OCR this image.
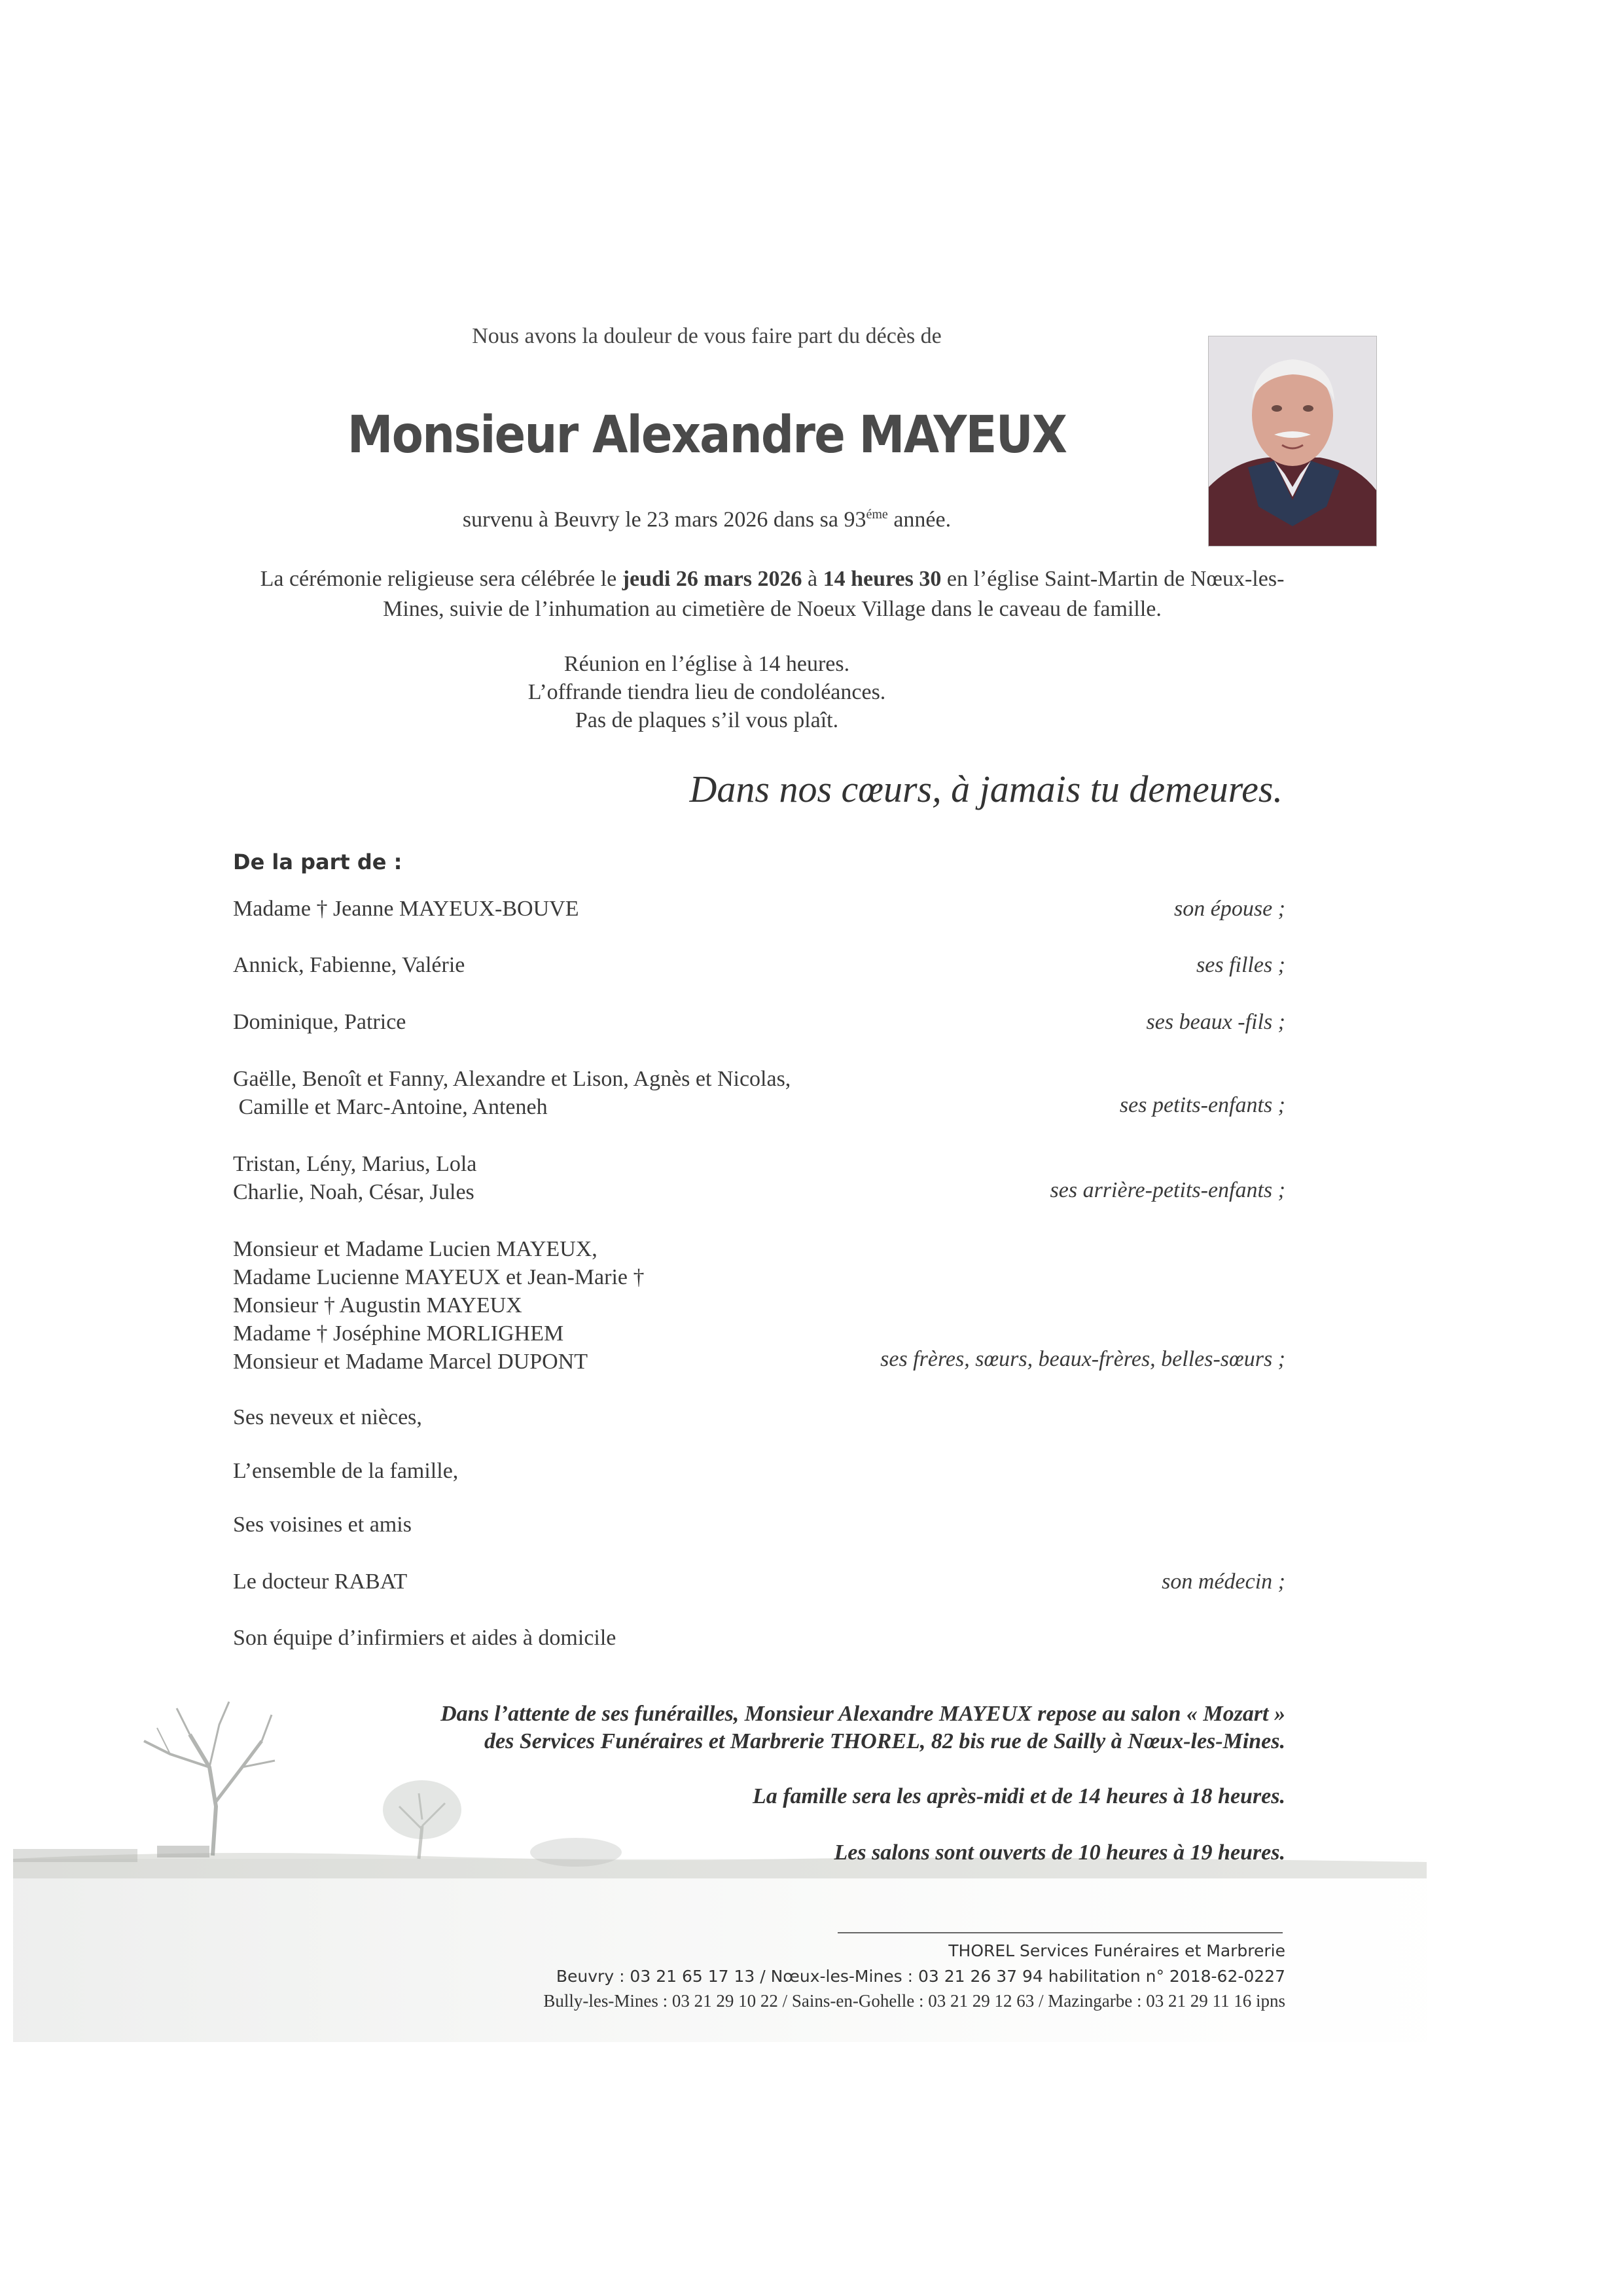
Nous avons la douleur de vous faire part du décès de
Monsieur Alexandre MAYEUX
survenu à Beuvry le 23 mars 2026 dans sa $93^{éme}$ année.
La cérémonie religieuse sera célébrée le jeudi 26 mars 2026 à 14 heures 30 en l’église Saint-Martin de Nœux-les-Mines, suivie de l’inhumation au cimetière de Noeux Village dans le caveau de famille.
Réunion en l’église à 14 heures.
L’offrande tiendra lieu de condoléances.
Pas de plaques s’il vous plaît.
Dans nos cœurs, à jamais tu demeures.
De la part de :
Madame † Jeanne MAYEUX-BOUVE	son épouse ;
Annick, Fabienne, Valérie	ses filles ;
Dominique, Patrice	ses beaux -fils ;
Gaëlle, Benoît et Fanny, Alexandre et Lison, Agnès et Nicolas,
Camille et Marc-Antoine, Anteneh	ses petits-enfants ;
Tristan, Lény, Marius, Lola
Charlie, Noah, César, Jules	ses arrière-petits-enfants ;
Monsieur et Madame Lucien MAYEUX,
Madame Lucienne MAYEUX et Jean-Marie †
Monsieur † Augustin MAYEUX
Madame † Joséphine MORLIGHEM
Monsieur et Madame Marcel DUPONT	ses frères, sœurs, beaux-frères, belles-sœurs ;
Ses neveux et nièces,
L’ensemble de la famille,
Ses voisines et amis
Le docteur RABAT	son médecin ;
Son équipe d’infirmiers et aides à domicile
Dans l’attente de ses funérailles, Monsieur Alexandre MAYEUX repose au salon « Mozart »
des Services Funéraires et Marbrerie THOREL, 82 bis rue de Sailly à Nœux-les-Mines.
La famille sera les après-midi et de 14 heures à 18 heures.
Les salons sont ouverts de 10 heures à 19 heures.
THOREL Services Funéraires et Marbrerie
Beuvry : 03 21 65 17 13 / Nœux-les-Mines : 03 21 26 37 94 habilitation n° 2018-62-0227
Bully-les-Mines : 03 21 29 10 22 / Sains-en-Gohelle : 03 21 29 12 63 / Mazingarbe : 03 21 29 11 16 ipns
